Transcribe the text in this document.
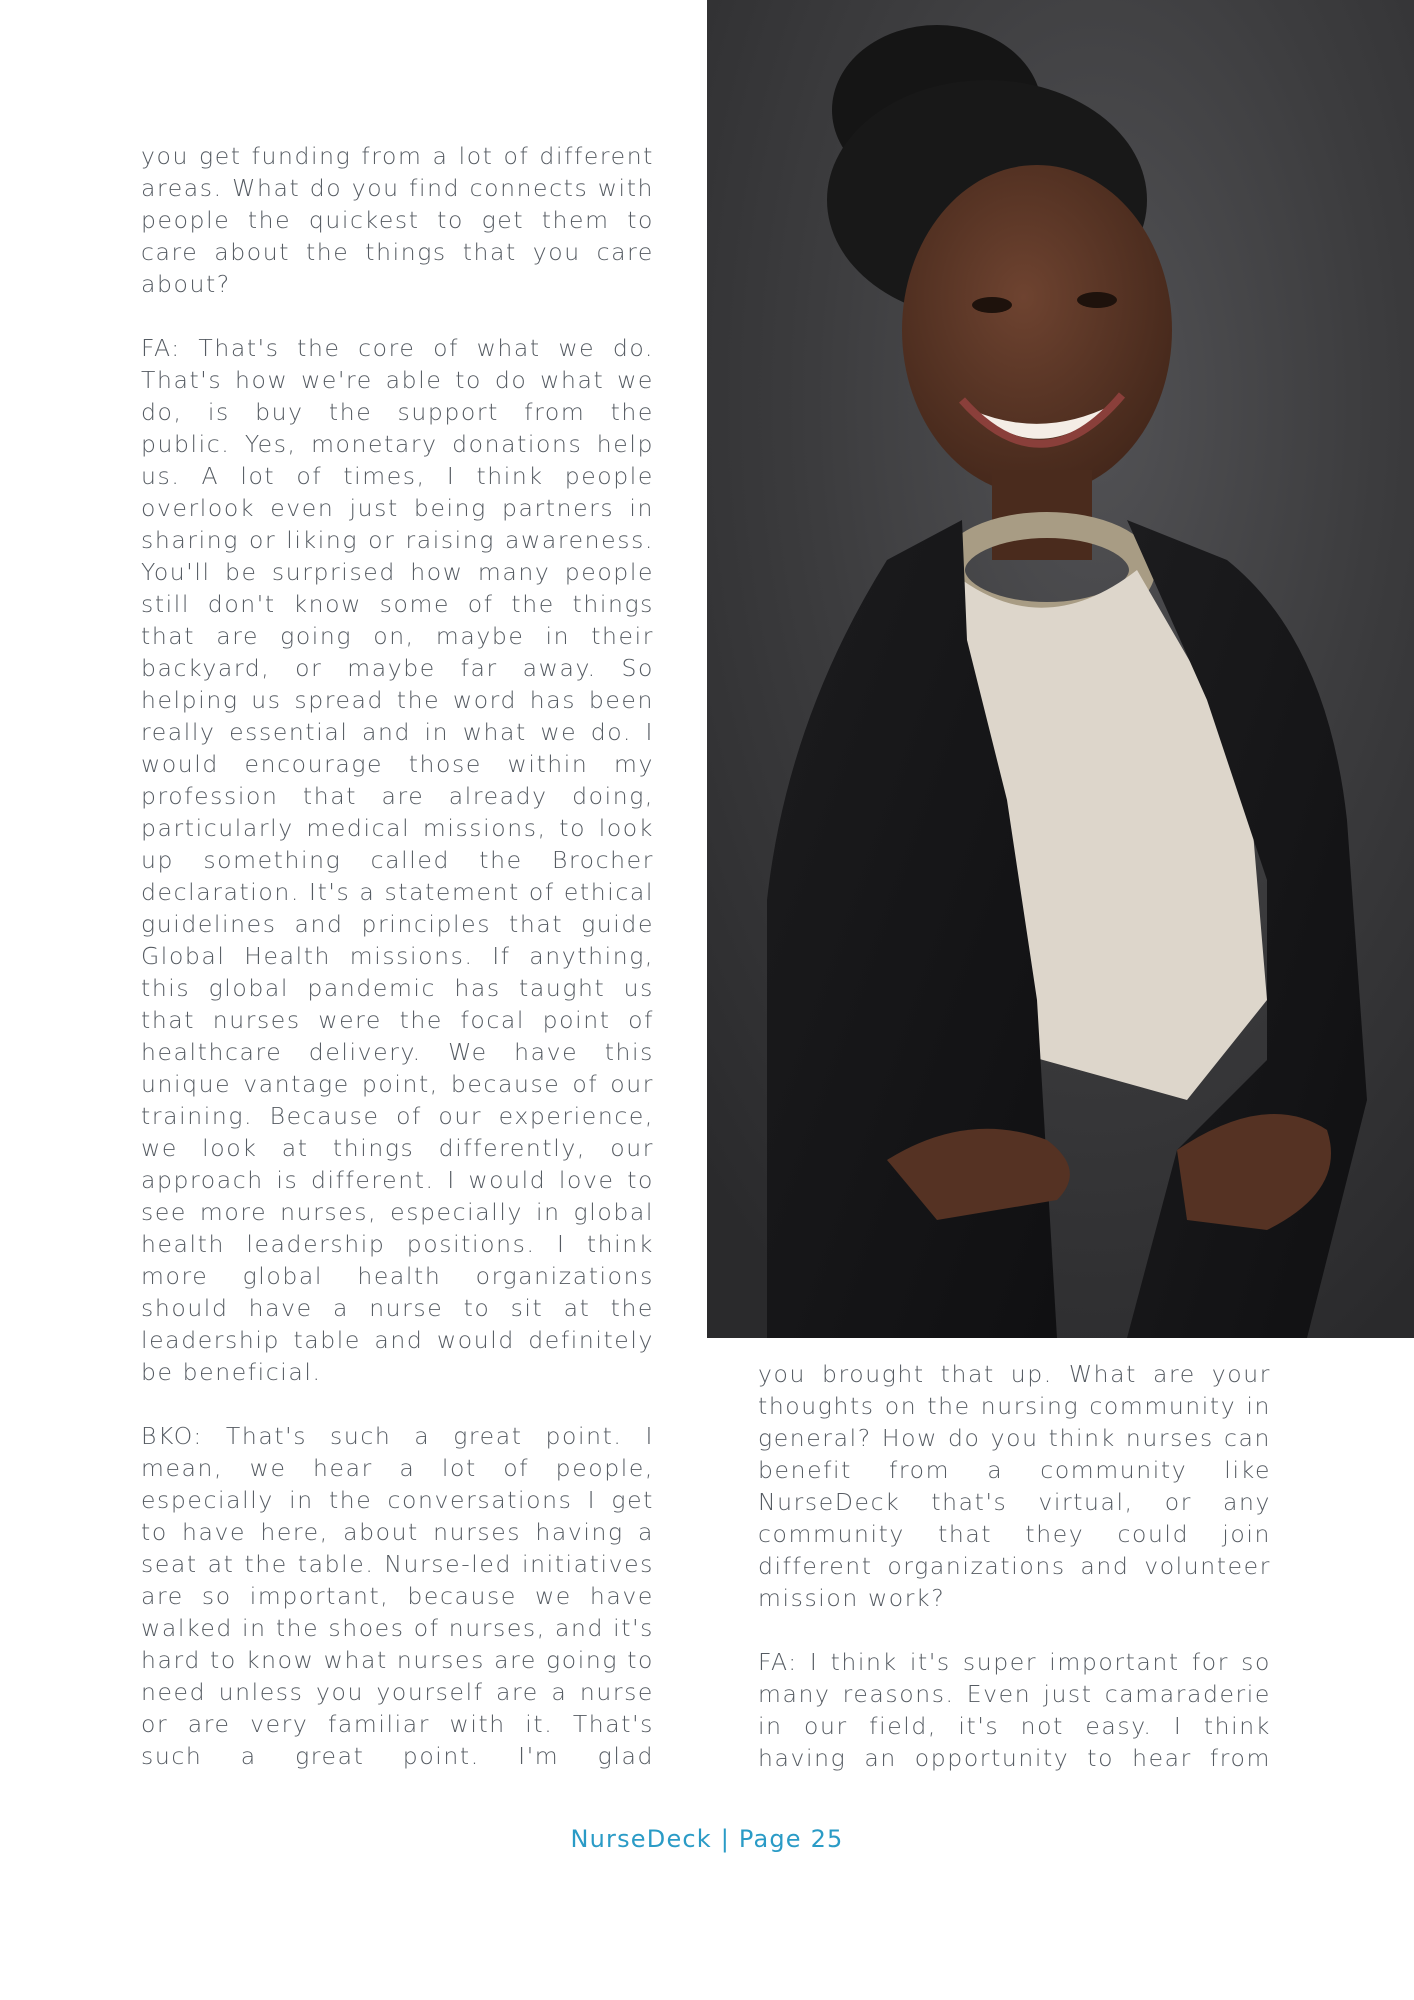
you get funding from a lot of different areas. What do you find connects with people the quickest to get them to care about the things that you care about?

FA: That's the core of what we do. That's how we're able to do what we do, is buy the support from the public. Yes, monetary donations help us. A lot of times, I think people overlook even just being partners in sharing or liking or raising awareness. You'll be surprised how many people still don't know some of the things that are going on, maybe in their backyard, or maybe far away. So helping us spread the word has been really essential and in what we do. I would encourage those within my profession that are already doing, particularly medical missions, to look up something called the Brocher declaration. It's a statement of ethical guidelines and principles that guide Global Health missions. If anything, this global pandemic has taught us that nurses were the focal point of healthcare delivery. We have this unique vantage point, because of our training. Because of our experience, we look at things differently, our approach is different. I would love to see more nurses, especially in global health leadership positions. I think more global health organizations should have a nurse to sit at the leadership table and would definitely be beneficial.

BKO: That's such a great point. I mean, we hear a lot of people, especially in the conversations I get to have here, about nurses having a seat at the table. Nurse-led initiatives are so important, because we have walked in the shoes of nurses, and it's hard to know what nurses are going to need unless you yourself are a nurse or are very familiar with it. That's such a great point. I'm glad

you brought that up. What are your thoughts on the nursing community in general? How do you think nurses can benefit from a community like NurseDeck that's virtual, or any community that they could join different organizations and volunteer mission work?

FA: I think it's super important for so many reasons. Even just camaraderie in our field, it's not easy. I think having an opportunity to hear from

NurseDeck | Page 25
